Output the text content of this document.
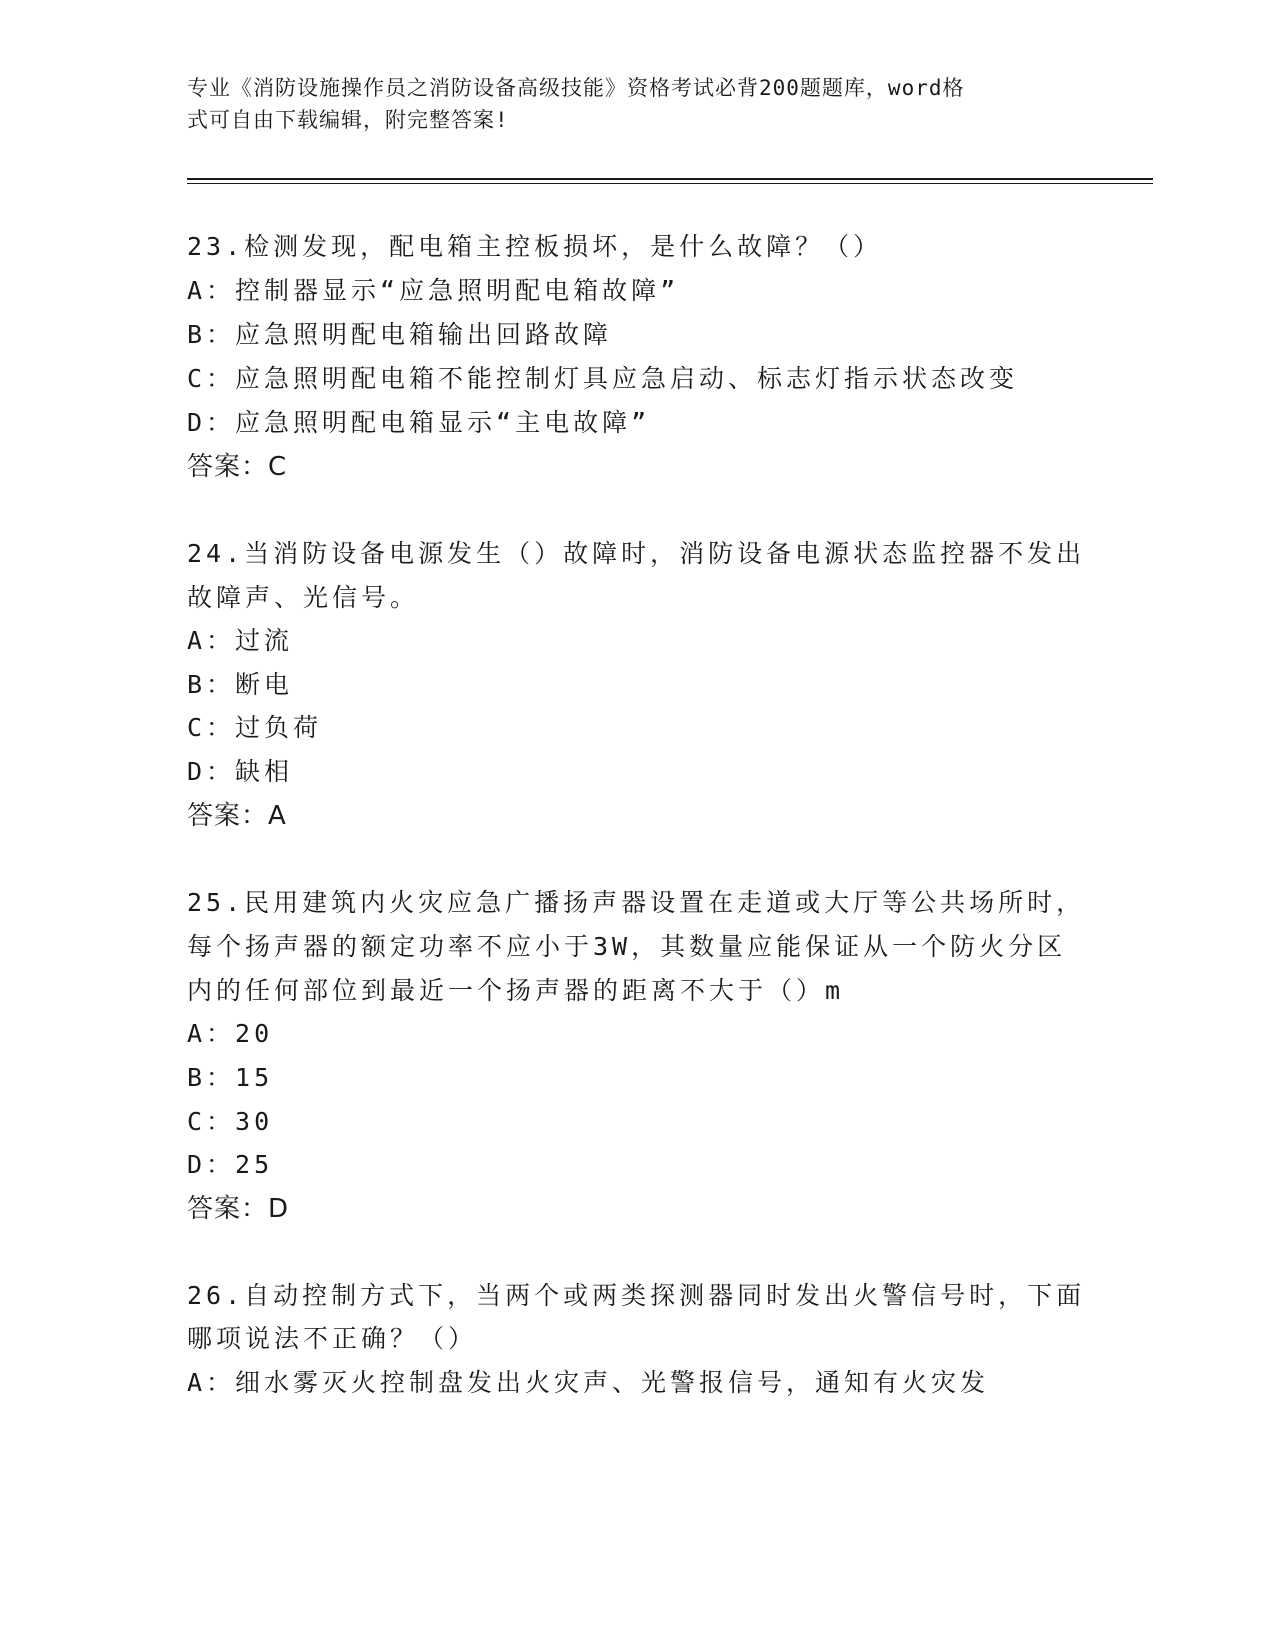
专业《消防设施操作员之消防设备高级技能》资格考试必背200题题库，word格
式可自由下载编辑，附完整答案!
23.检测发现，配电箱主控板损坏，是什么故障？（）
A：控制器显示“应急照明配电箱故障”
B：应急照明配电箱输出回路故障
C：应急照明配电箱不能控制灯具应急启动、标志灯指示状态改变
D：应急照明配电箱显示“主电故障”
答案：C
24.当消防设备电源发生（）故障时，消防设备电源状态监控器不发出
故障声、光信号。
A：过流
B：断电
C：过负荷
D：缺相
答案：A
25.民用建筑内火灾应急广播扬声器设置在走道或大厅等公共场所时，
每个扬声器的额定功率不应小于3W，其数量应能保证从一个防火分区
内的任何部位到最近一个扬声器的距离不大于（）m
A：20
B：15
C：30
D：25
答案：D
26.自动控制方式下，当两个或两类探测器同时发出火警信号时，下面
哪项说法不正确？（）
A：细水雾灭火控制盘发出火灾声、光警报信号，通知有火灾发
